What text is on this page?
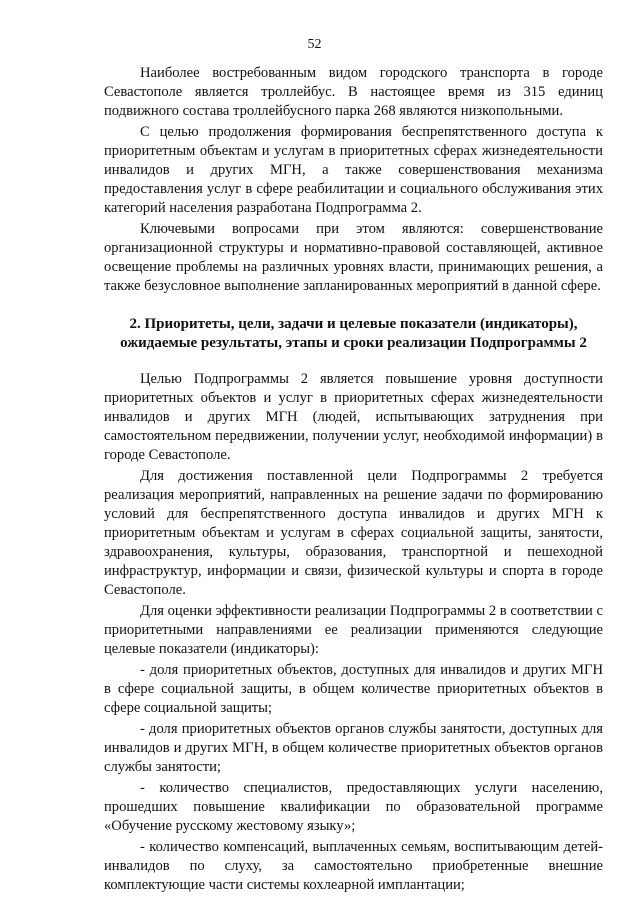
52

Наиболее востребованным видом городского транспорта в городе Севастополе является троллейбус. В настоящее время из 315 единиц подвижного состава троллейбусного парка 268 являются низкопольными.

С целью продолжения формирования беспрепятственного доступа к приоритетным объектам и услугам в приоритетных сферах жизнедеятельности инвалидов и других МГН, а также совершенствования механизма предоставления услуг в сфере реабилитации и социального обслуживания этих категорий населения разработана Подпрограмма 2.

Ключевыми вопросами при этом являются: совершенствование организационной структуры и нормативно-правовой составляющей, активное освещение проблемы на различных уровнях власти, принимающих решения, а также безусловное выполнение запланированных мероприятий в данной сфере.

2. Приоритеты, цели, задачи и целевые показатели (индикаторы), ожидаемые результаты, этапы и сроки реализации Подпрограммы 2

Целью Подпрограммы 2 является повышение уровня доступности приоритетных объектов и услуг в приоритетных сферах жизнедеятельности инвалидов и других МГН (людей, испытывающих затруднения при самостоятельном передвижении, получении услуг, необходимой информации) в городе Севастополе.

Для достижения поставленной цели Подпрограммы 2 требуется реализация мероприятий, направленных на решение задачи по формированию условий для беспрепятственного доступа инвалидов и других МГН к приоритетным объектам и услугам в сферах социальной защиты, занятости, здравоохранения, культуры, образования, транспортной и пешеходной инфраструктур, информации и связи, физической культуры и спорта в городе Севастополе.

Для оценки эффективности реализации Подпрограммы 2 в соответствии с приоритетными направлениями ее реализации применяются следующие целевые показатели (индикаторы):

- доля приоритетных объектов, доступных для инвалидов и других МГН в сфере социальной защиты, в общем количестве приоритетных объектов в сфере социальной защиты;

- доля приоритетных объектов органов службы занятости, доступных для инвалидов и других МГН, в общем количестве приоритетных объектов органов службы занятости;

- количество специалистов, предоставляющих услуги населению, прошедших повышение квалификации по образовательной программе «Обучение русскому жестовому языку»;

- количество компенсаций, выплаченных семьям, воспитывающим детей-инвалидов по слуху, за самостоятельно приобретенные внешние комплектующие части системы кохлеарной имплантации;
